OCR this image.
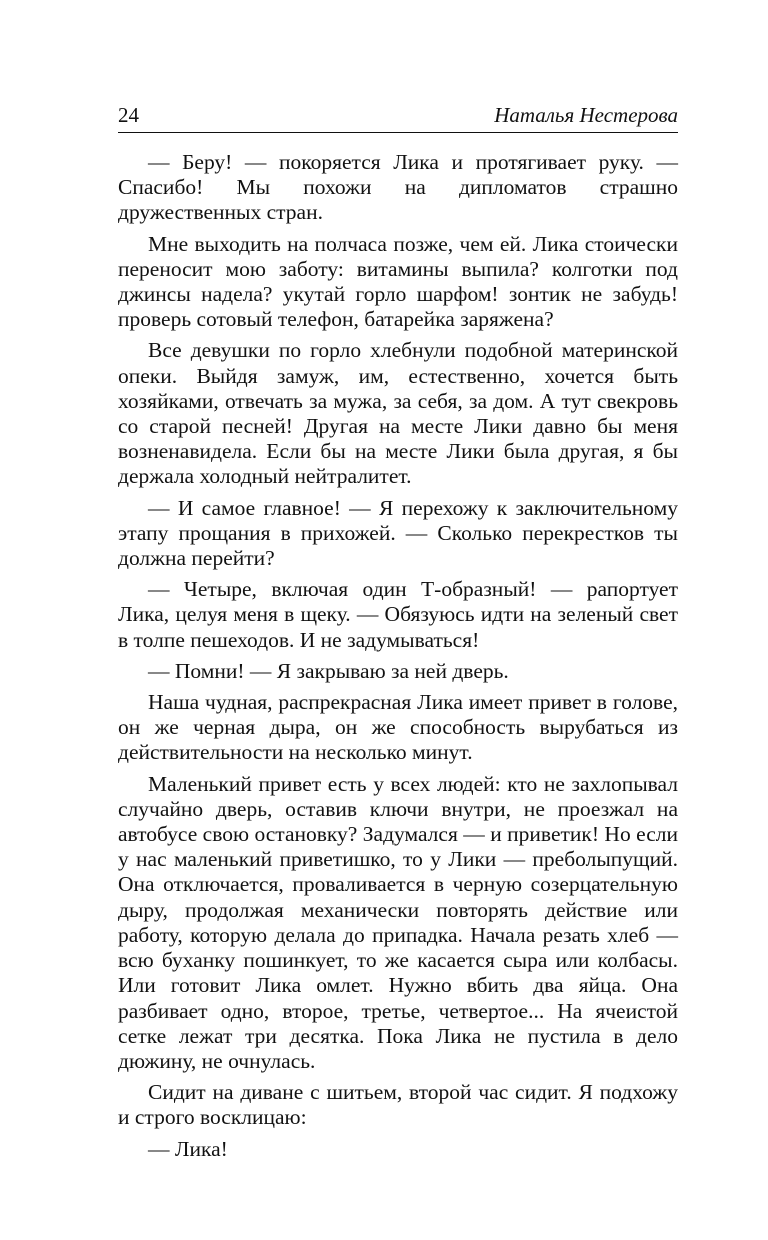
24	Наталья Нестерова

— Беру! — покоряется Лика и протягивает руку. — Спасибо! Мы похожи на дипломатов страшно дружественных стран.

Мне выходить на полчаса позже, чем ей. Лика стоически переносит мою заботу: витамины выпила? колготки под джинсы надела? укутай горло шарфом! зонтик не забудь! проверь сотовый телефон, батарейка заряжена?

Все девушки по горло хлебнули подобной материнской опеки. Выйдя замуж, им, естественно, хочется быть хозяйками, отвечать за мужа, за себя, за дом. А тут свекровь со старой песней! Другая на месте Лики давно бы меня возненавидела. Если бы на месте Лики была другая, я бы держала холодный нейтралитет.

— И самое главное! — Я перехожу к заключительному этапу прощания в прихожей. — Сколько перекрестков ты должна перейти?

— Четыре, включая один Т-образный! — рапортует Лика, целуя меня в щеку. — Обязуюсь идти на зеленый свет в толпе пешеходов. И не задумываться!

— Помни! — Я закрываю за ней дверь.

Наша чудная, распрекрасная Лика имеет привет в голове, он же черная дыра, он же способность вырубаться из действительности на несколько минут.

Маленький привет есть у всех людей: кто не захлопывал случайно дверь, оставив ключи внутри, не проезжал на автобусе свою остановку? Задумался — и приветик! Но если у нас маленький приветишко, то у Лики — преболыпущий. Она отключается, проваливается в черную созерцательную дыру, продолжая механически повторять действие или работу, которую делала до припадка. Начала резать хлеб — всю буханку пошинкует, то же касается сыра или колбасы. Или готовит Лика омлет. Нужно вбить два яйца. Она разбивает одно, второе, третье, четвертое... На ячеистой сетке лежат три десятка. Пока Лика не пустила в дело дюжину, не очнулась.

Сидит на диване с шитьем, второй час сидит. Я подхожу и строго восклицаю:

— Лика!
